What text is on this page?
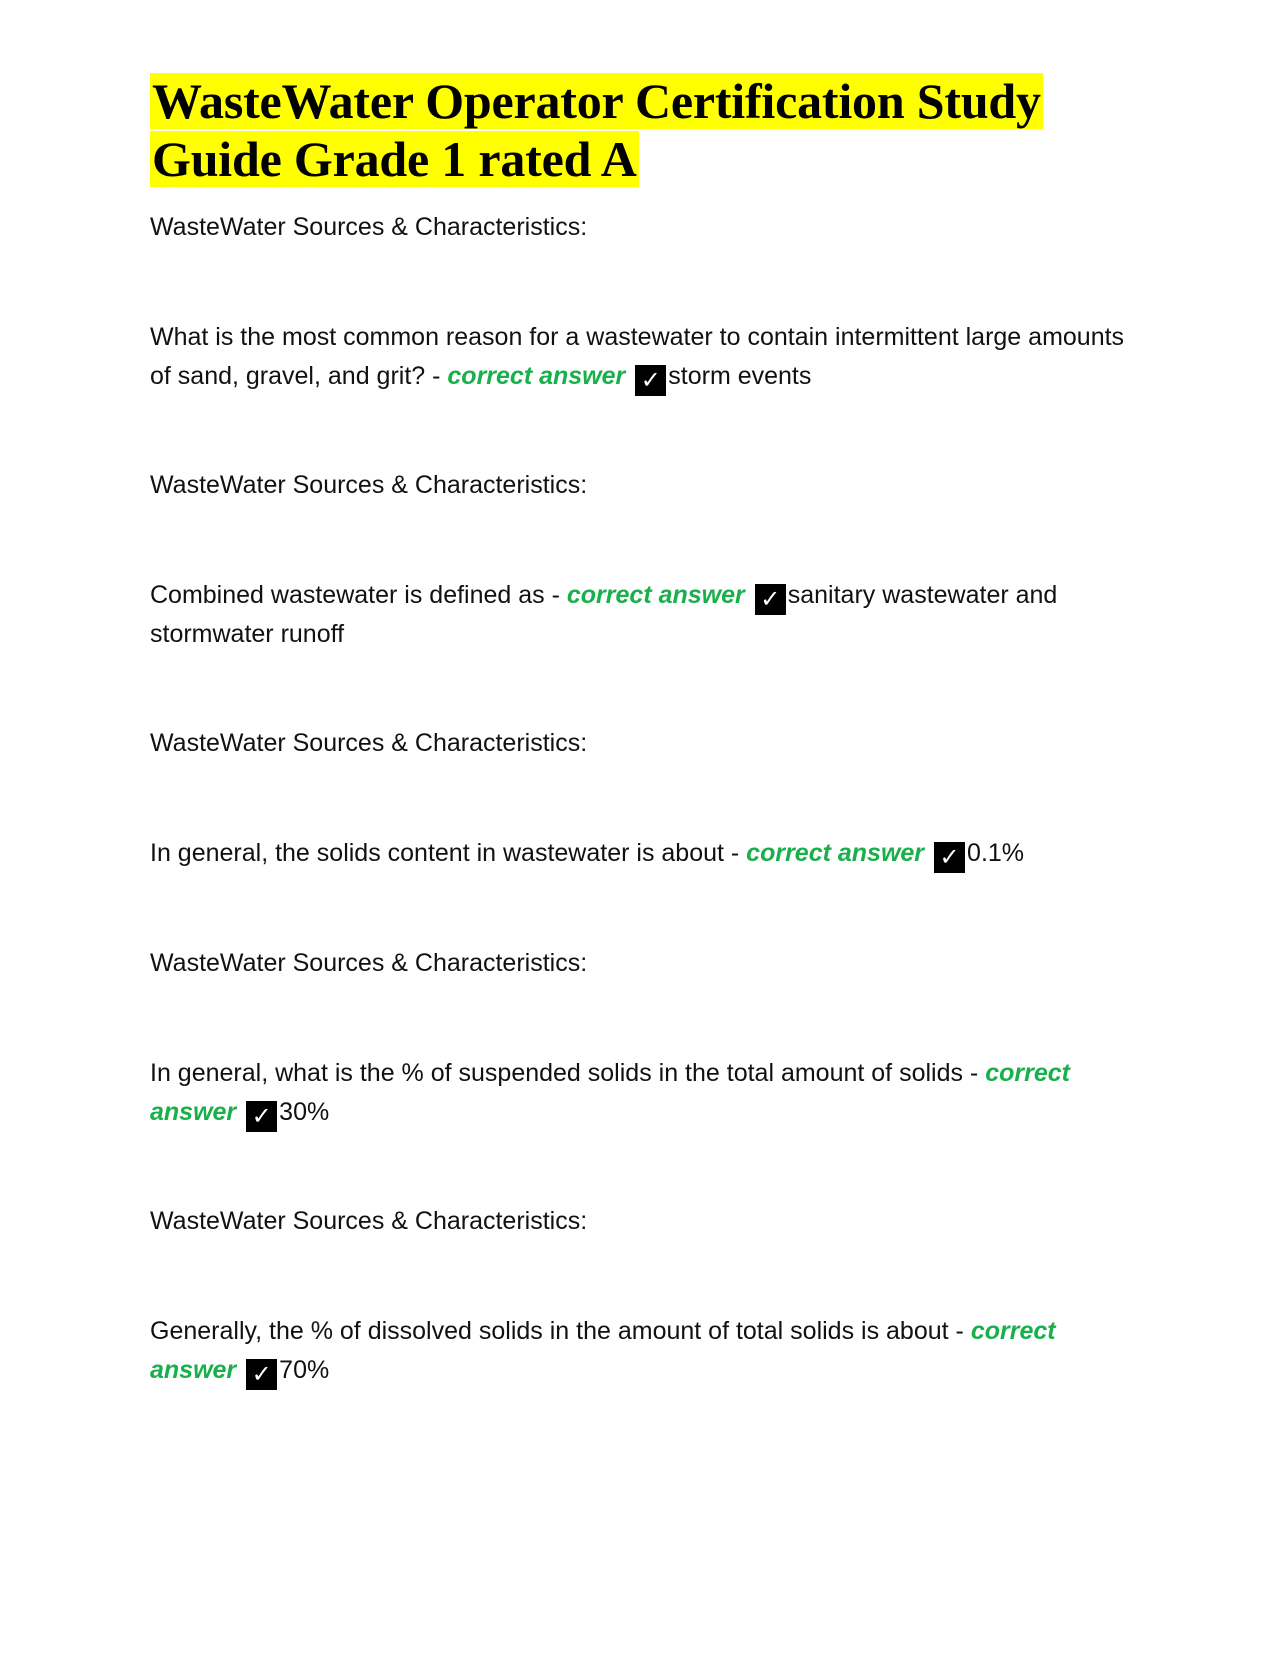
WasteWater Operator Certification Study Guide Grade 1 rated A

WasteWater Sources & Characteristics:

What is the most common reason for a wastewater to contain intermittent large amounts of sand, gravel, and grit? - correct answer ✓ storm events

WasteWater Sources & Characteristics:

Combined wastewater is defined as - correct answer ✓ sanitary wastewater and stormwater runoff

WasteWater Sources & Characteristics:

In general, the solids content in wastewater is about - correct answer ✓ 0.1%

WasteWater Sources & Characteristics:

In general, what is the % of suspended solids in the total amount of solids - correct answer ✓ 30%

WasteWater Sources & Characteristics:

Generally, the % of dissolved solids in the amount of total solids is about - correct answer ✓ 70%
